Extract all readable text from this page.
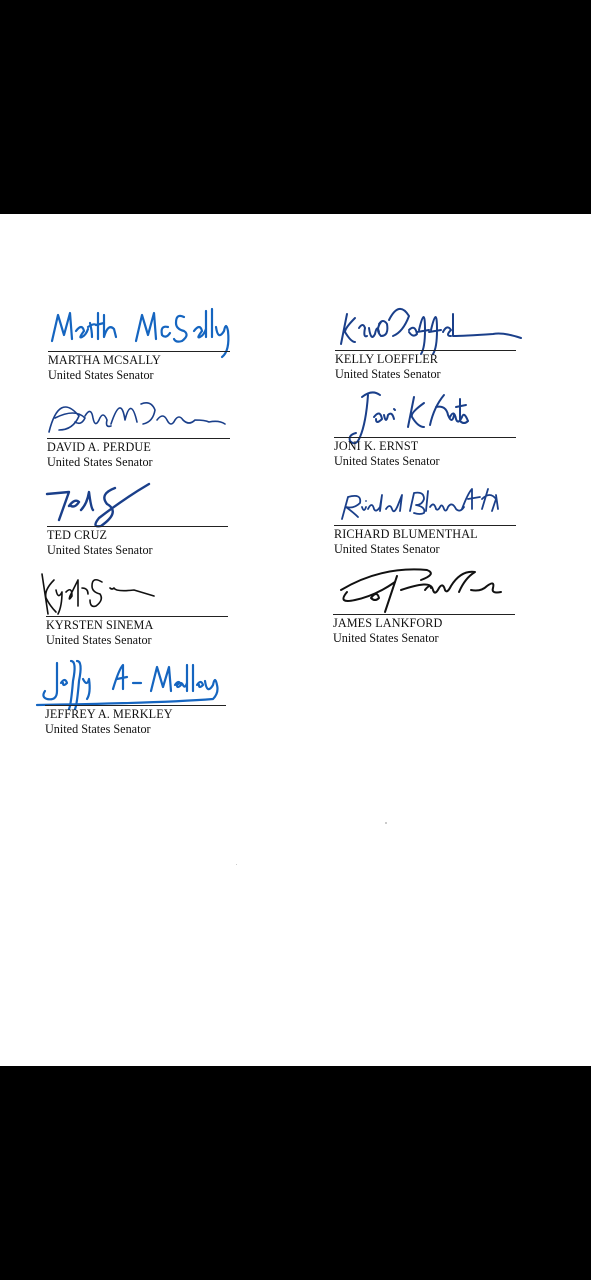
MARTHA MCSALLY
United States Senator
KELLY LOEFFLER
United States Senator
DAVID A. PERDUE
United States Senator
JONI K. ERNST
United States Senator
TED CRUZ
United States Senator
RICHARD BLUMENTHAL
United States Senator
KYRSTEN SINEMA
United States Senator
JAMES LANKFORD
United States Senator
JEFFREY A. MERKLEY
United States Senator
